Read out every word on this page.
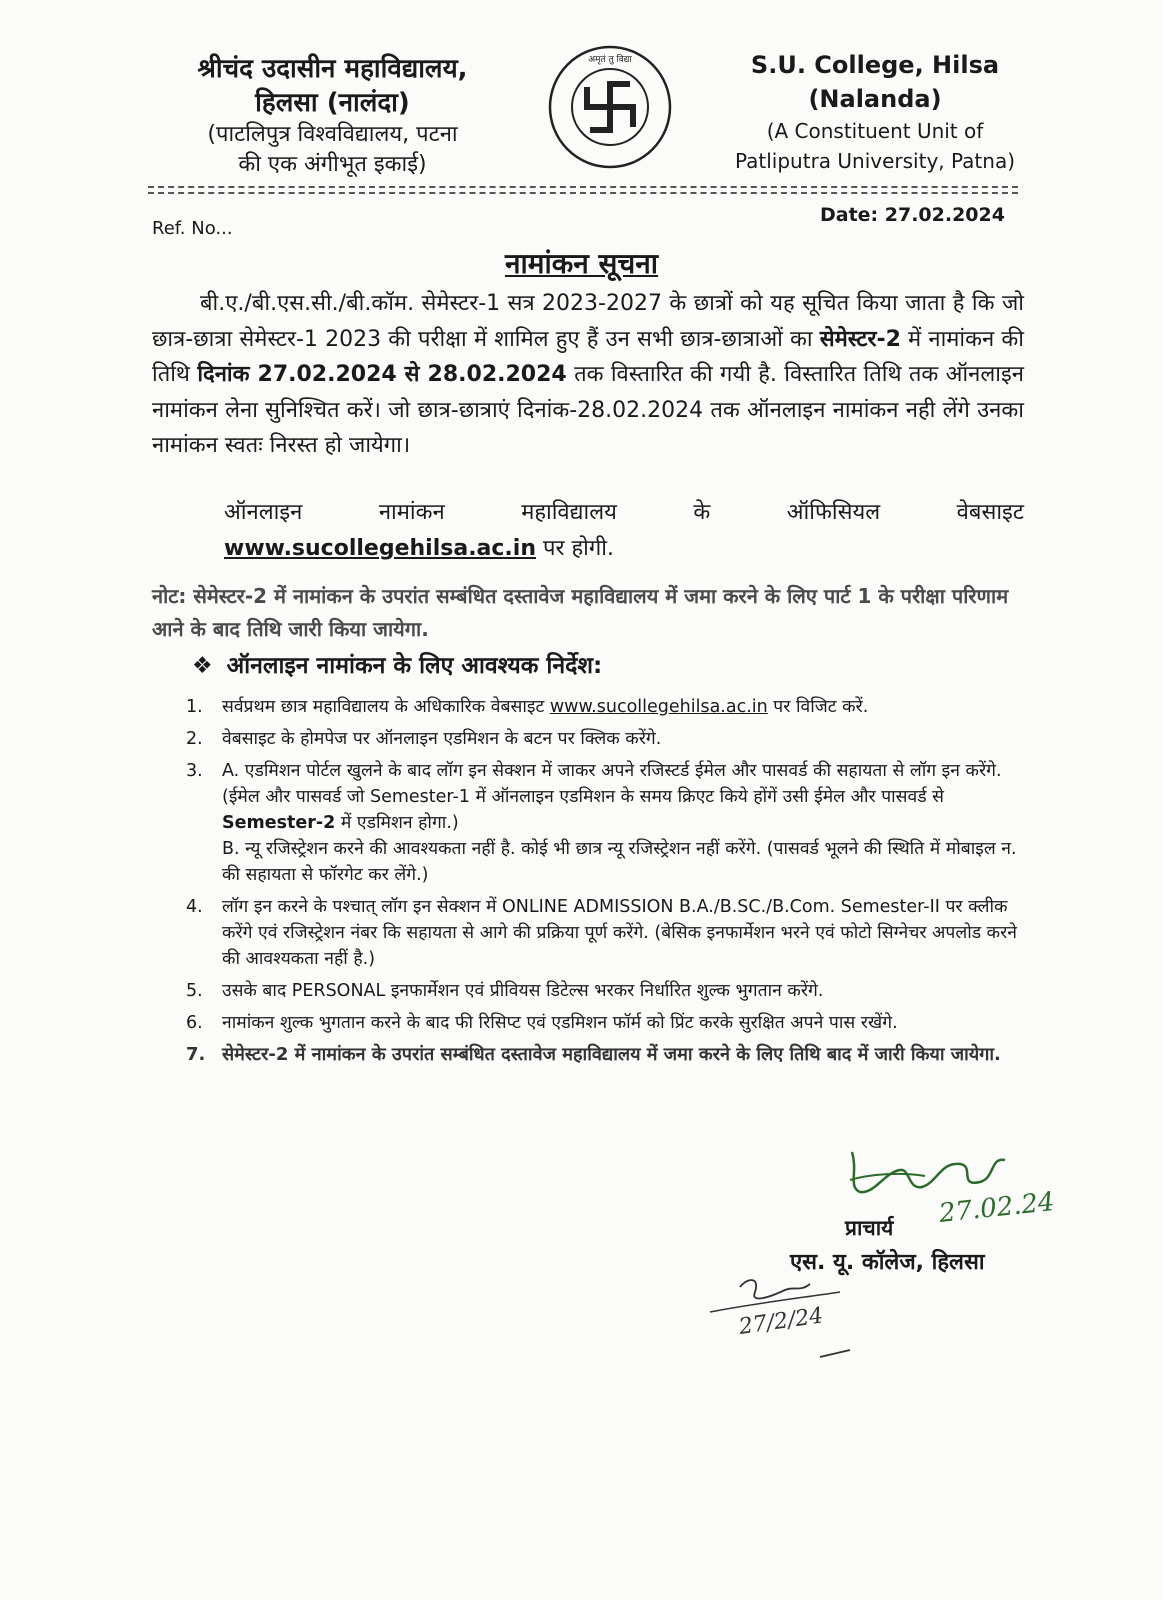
श्रीचंद उदासीन महाविद्यालय,
हिलसा (नालंदा)
(पाटलिपुत्र विश्वविद्यालय, पटना
की एक अंगीभूत इकाई)
अमृतं तु विद्या	S.U. College, Hilsa
(Nalanda)
(A Constituent Unit of
Patliputra University, Patna)
Ref. No...
Date: 27.02.2024
नामांकन सूचना
बी.ए./बी.एस.सी./बी.कॉम. सेमेस्टर-1 सत्र 2023-2027 के छात्रों को यह सूचित किया जाता है कि जो छात्र-छात्रा सेमेस्टर-1 2023 की परीक्षा में शामिल हुए हैं उन सभी छात्र-छात्राओं का सेमेस्टर-2 में नामांकन की तिथि दिनांक 27.02.2024 से 28.02.2024 तक विस्तारित की गयी है. विस्तारित तिथि तक ऑनलाइन नामांकन लेना सुनिश्चित करें। जो छात्र-छात्राएं दिनांक-28.02.2024 तक ऑनलाइन नामांकन नही लेंगे उनका नामांकन स्वतः निरस्त हो जायेगा।
ऑनलाइन	नामांकन	महाविद्यालय	के	ऑफिसियल	वेबसाइट
www.sucollegehilsa.ac.in पर होगी.
नोट: सेमेस्टर-2 में नामांकन के उपरांत सम्बंधित दस्तावेज महाविद्यालय में जमा करने के लिए पार्ट 1 के परीक्षा परिणाम आने के बाद तिथि जारी किया जायेगा.
❖ ऑनलाइन नामांकन के लिए आवश्यक निर्देश:
1.	सर्वप्रथम छात्र महाविद्यालय के अधिकारिक वेबसाइट www.sucollegehilsa.ac.in पर विजिट करें.
2.	वेबसाइट के होमपेज पर ऑनलाइन एडमिशन के बटन पर क्लिक करेंगे.
3.	A. एडमिशन पोर्टल खुलने के बाद लॉग इन सेक्शन में जाकर अपने रजिस्टर्ड ईमेल और पासवर्ड की सहायता से लॉग इन करेंगे. (ईमेल और पासवर्ड जो Semester-1 में ऑनलाइन एडमिशन के समय क्रिएट किये होंगें उसी ईमेल और पासवर्ड से Semester-2 में एडमिशन होगा.)
B. न्यू रजिस्ट्रेशन करने की आवश्यकता नहीं है. कोई भी छात्र न्यू रजिस्ट्रेशन नहीं करेंगे. (पासवर्ड भूलने की स्थिति में मोबाइल न. की सहायता से फॉरगेट कर लेंगे.)
4.	लॉग इन करने के पश्चात् लॉग इन सेक्शन में ONLINE ADMISSION B.A./B.SC./B.Com. Semester-II पर क्लीक करेंगे एवं रजिस्ट्रेशन नंबर कि सहायता से आगे की प्रक्रिया पूर्ण करेंगे. (बेसिक इनफार्मेशन भरने एवं फोटो सिग्नेचर अपलोड करने की आवश्यकता नहीं है.)
5.	उसके बाद PERSONAL इनफार्मेशन एवं प्रीवियस डिटेल्स भरकर निर्धारित शुल्क भुगतान करेंगे.
6.	नामांकन शुल्क भुगतान करने के बाद फी रिसिप्ट एवं एडमिशन फॉर्म को प्रिंट करके सुरक्षित अपने पास रखेंगे.
7. सेमेस्टर-2 में नामांकन के उपरांत सम्बंधित दस्तावेज महाविद्यालय में जमा करने के लिए तिथि बाद में जारी किया जायेगा.
27.02.24
प्राचार्य
एस. यू. कॉलेज, हिलसा
27/2/24
